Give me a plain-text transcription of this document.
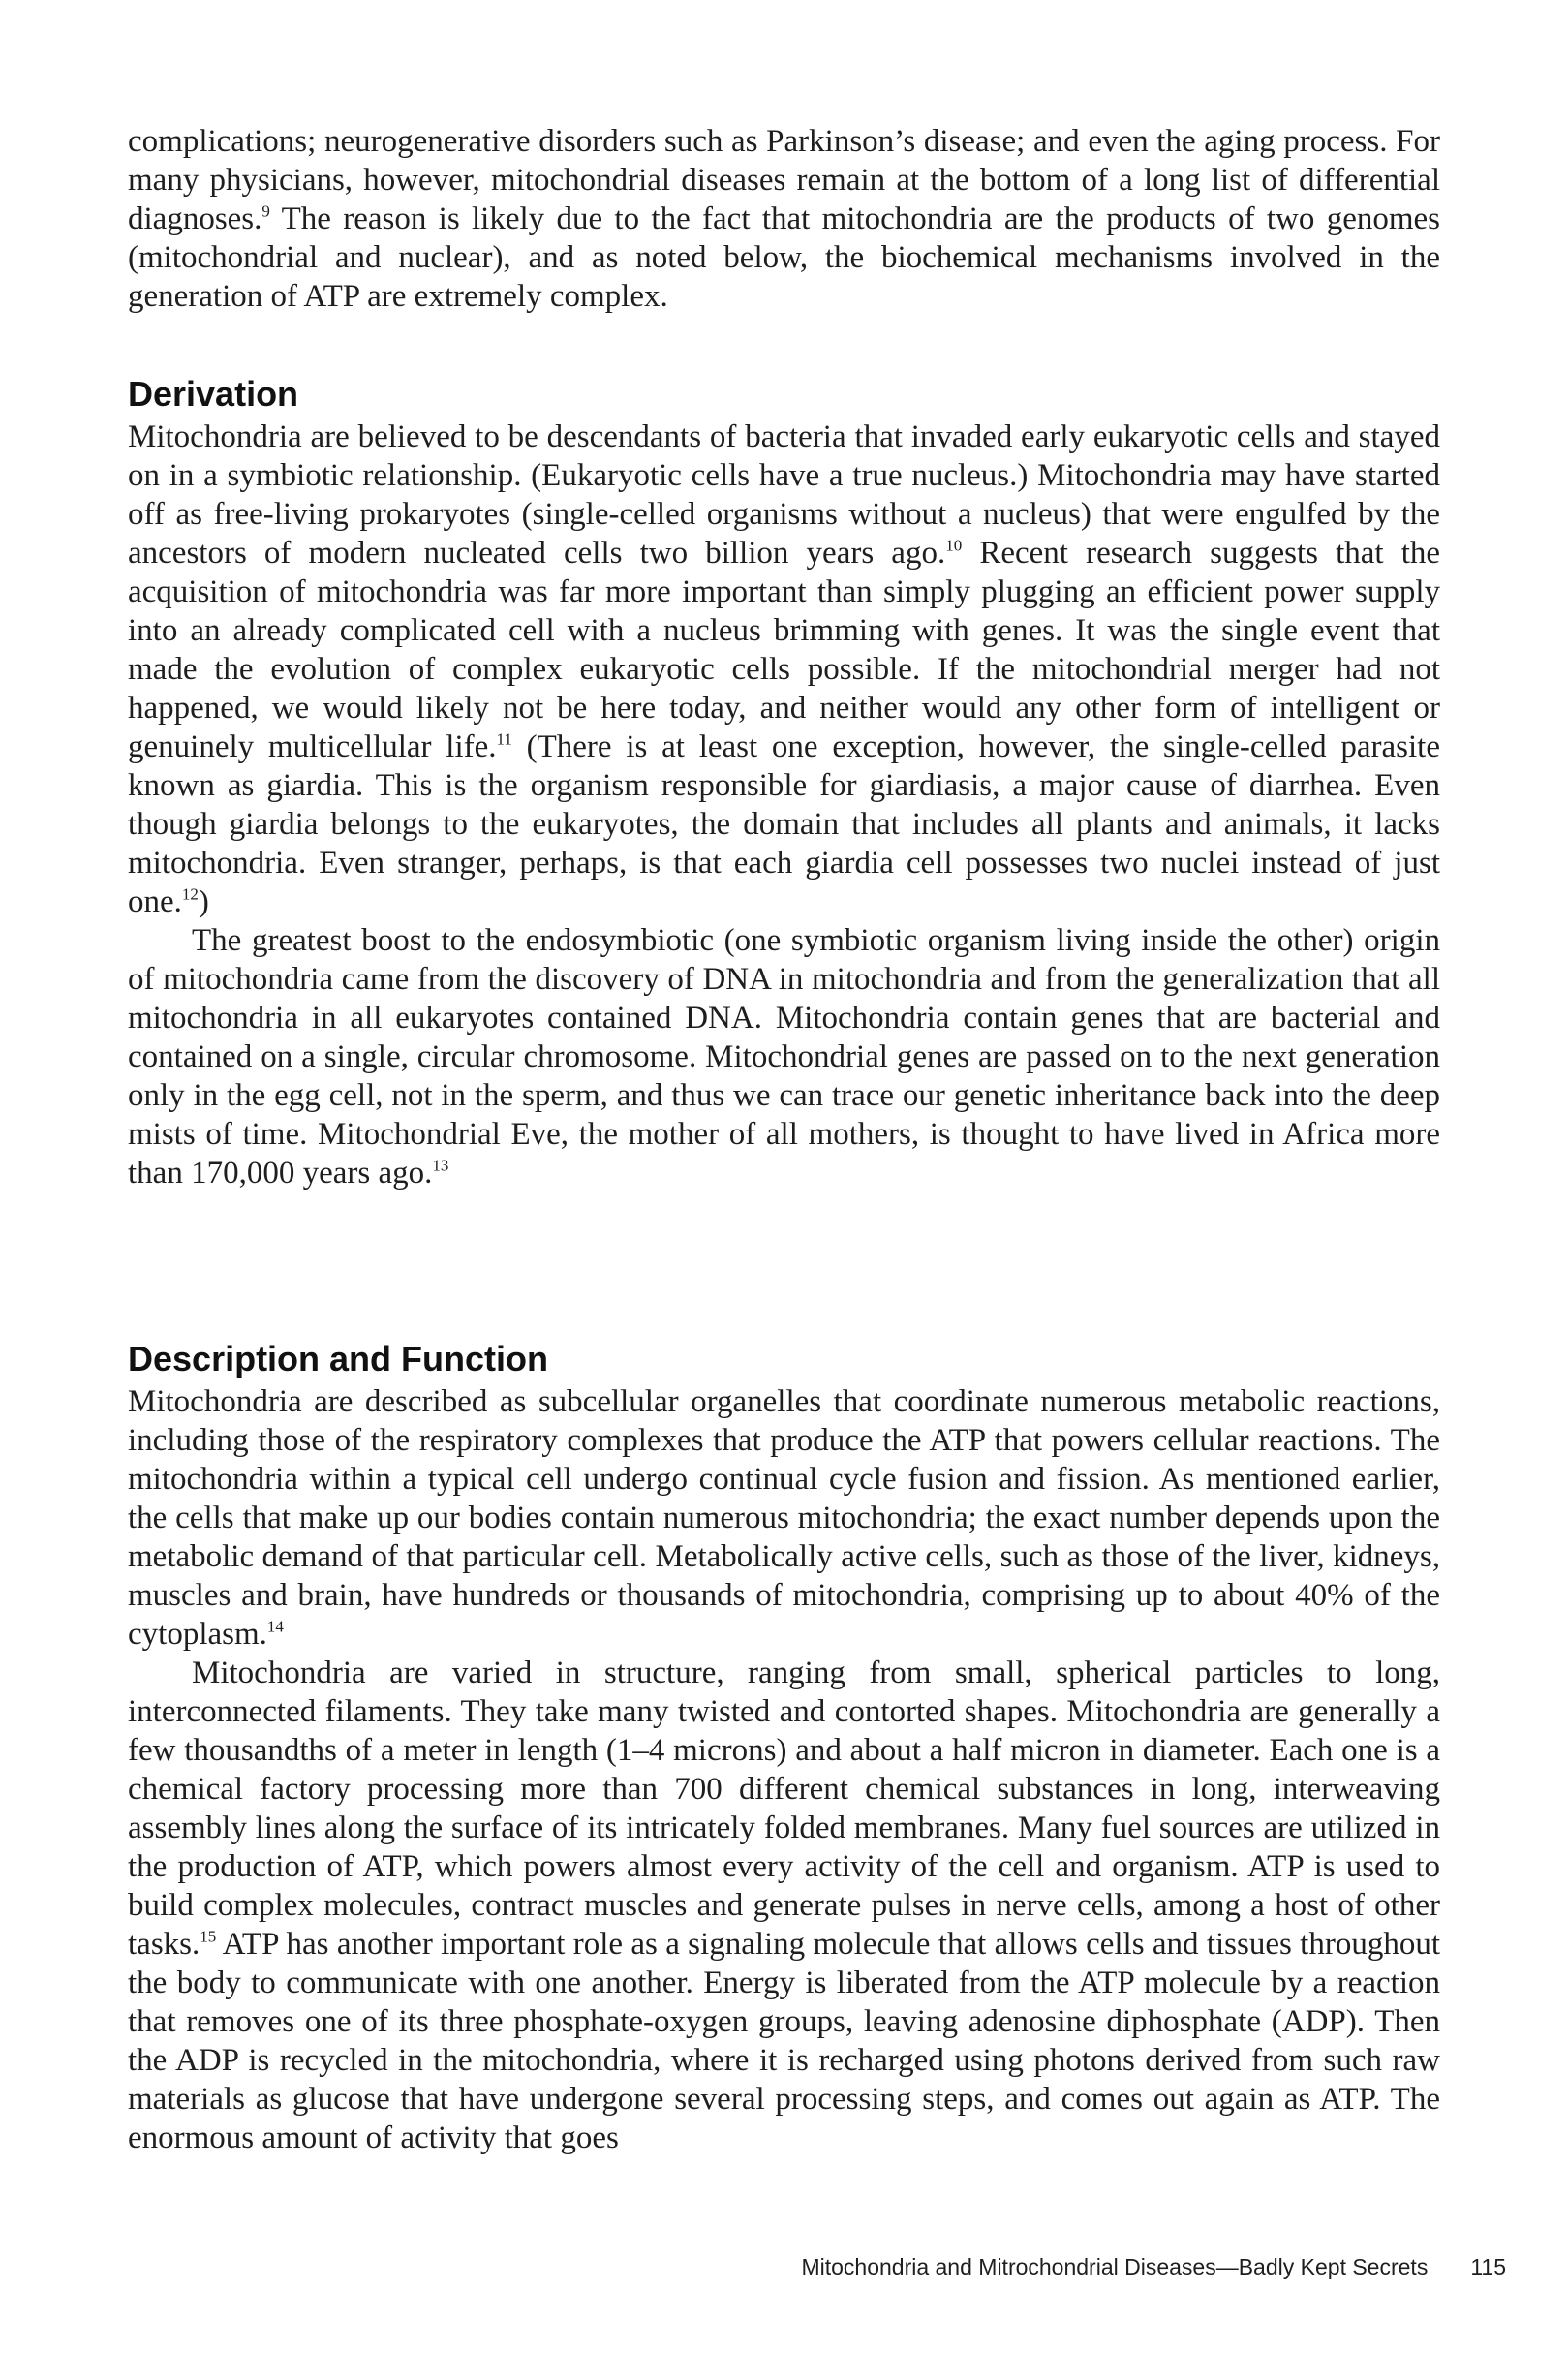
complications; neurogenerative disorders such as Parkinson’s disease; and even the aging process. For many physicians, however, mitochondrial diseases remain at the bottom of a long list of differential diagnoses.$^9$ The reason is likely due to the fact that mitochondria are the products of two genomes (mitochondrial and nuclear), and as noted below, the biochemical mechanisms involved in the generation of ATP are extremely complex.

Derivation

Mitochondria are believed to be descendants of bacteria that invaded early eukaryotic cells and stayed on in a symbiotic relationship. (Eukaryotic cells have a true nucleus.) Mitochondria may have started off as free-living prokaryotes (single-celled organisms without a nucleus) that were engulfed by the ancestors of modern nucleated cells two billion years ago.$^{10}$ Recent research suggests that the acquisition of mitochondria was far more important than simply plugging an efficient power supply into an already complicated cell with a nucleus brimming with genes. It was the single event that made the evolution of complex eukaryotic cells possible. If the mitochondrial merger had not happened, we would likely not be here today, and neither would any other form of intelligent or genuinely multicellular life.$^{11}$ (There is at least one exception, however, the single-celled parasite known as giardia. This is the organism responsible for giardiasis, a major cause of diarrhea. Even though giardia belongs to the eukaryotes, the domain that includes all plants and animals, it lacks mitochondria. Even stranger, perhaps, is that each giardia cell possesses two nuclei instead of just one.$^{12}$)

The greatest boost to the endosymbiotic (one symbiotic organism living inside the other) origin of mitochondria came from the discovery of DNA in mitochondria and from the generalization that all mitochondria in all eukaryotes contained DNA. Mitochondria contain genes that are bacterial and contained on a single, circular chromosome. Mitochondrial genes are passed on to the next generation only in the egg cell, not in the sperm, and thus we can trace our genetic inheritance back into the deep mists of time. Mitochondrial Eve, the mother of all mothers, is thought to have lived in Africa more than 170,000 years ago.$^{13}$

Description and Function

Mitochondria are described as subcellular organelles that coordinate numerous metabolic reactions, including those of the respiratory complexes that produce the ATP that powers cellular reactions. The mitochondria within a typical cell undergo continual cycle fusion and fission. As mentioned earlier, the cells that make up our bodies contain numerous mitochondria; the exact number depends upon the metabolic demand of that particular cell. Metabolically active cells, such as those of the liver, kidneys, muscles and brain, have hundreds or thousands of mitochondria, comprising up to about 40% of the cytoplasm.$^{14}$

Mitochondria are varied in structure, ranging from small, spherical particles to long, interconnected filaments. They take many twisted and contorted shapes. Mitochondria are generally a few thousandths of a meter in length (1–4 microns) and about a half micron in diameter. Each one is a chemical factory processing more than 700 different chemical substances in long, interweaving assembly lines along the surface of its intricately folded membranes. Many fuel sources are utilized in the production of ATP, which powers almost every activity of the cell and organism. ATP is used to build complex molecules, contract muscles and generate pulses in nerve cells, among a host of other tasks.$^{15}$ ATP has another important role as a signaling molecule that allows cells and tissues throughout the body to communicate with one another. Energy is liberated from the ATP molecule by a reaction that removes one of its three phosphate-oxygen groups, leaving adenosine diphosphate (ADP). Then the ADP is recycled in the mitochondria, where it is recharged using photons derived from such raw materials as glucose that have undergone several processing steps, and comes out again as ATP. The enormous amount of activity that goes

Mitochondria and Mitrochondrial Diseases—Badly Kept Secrets 115
